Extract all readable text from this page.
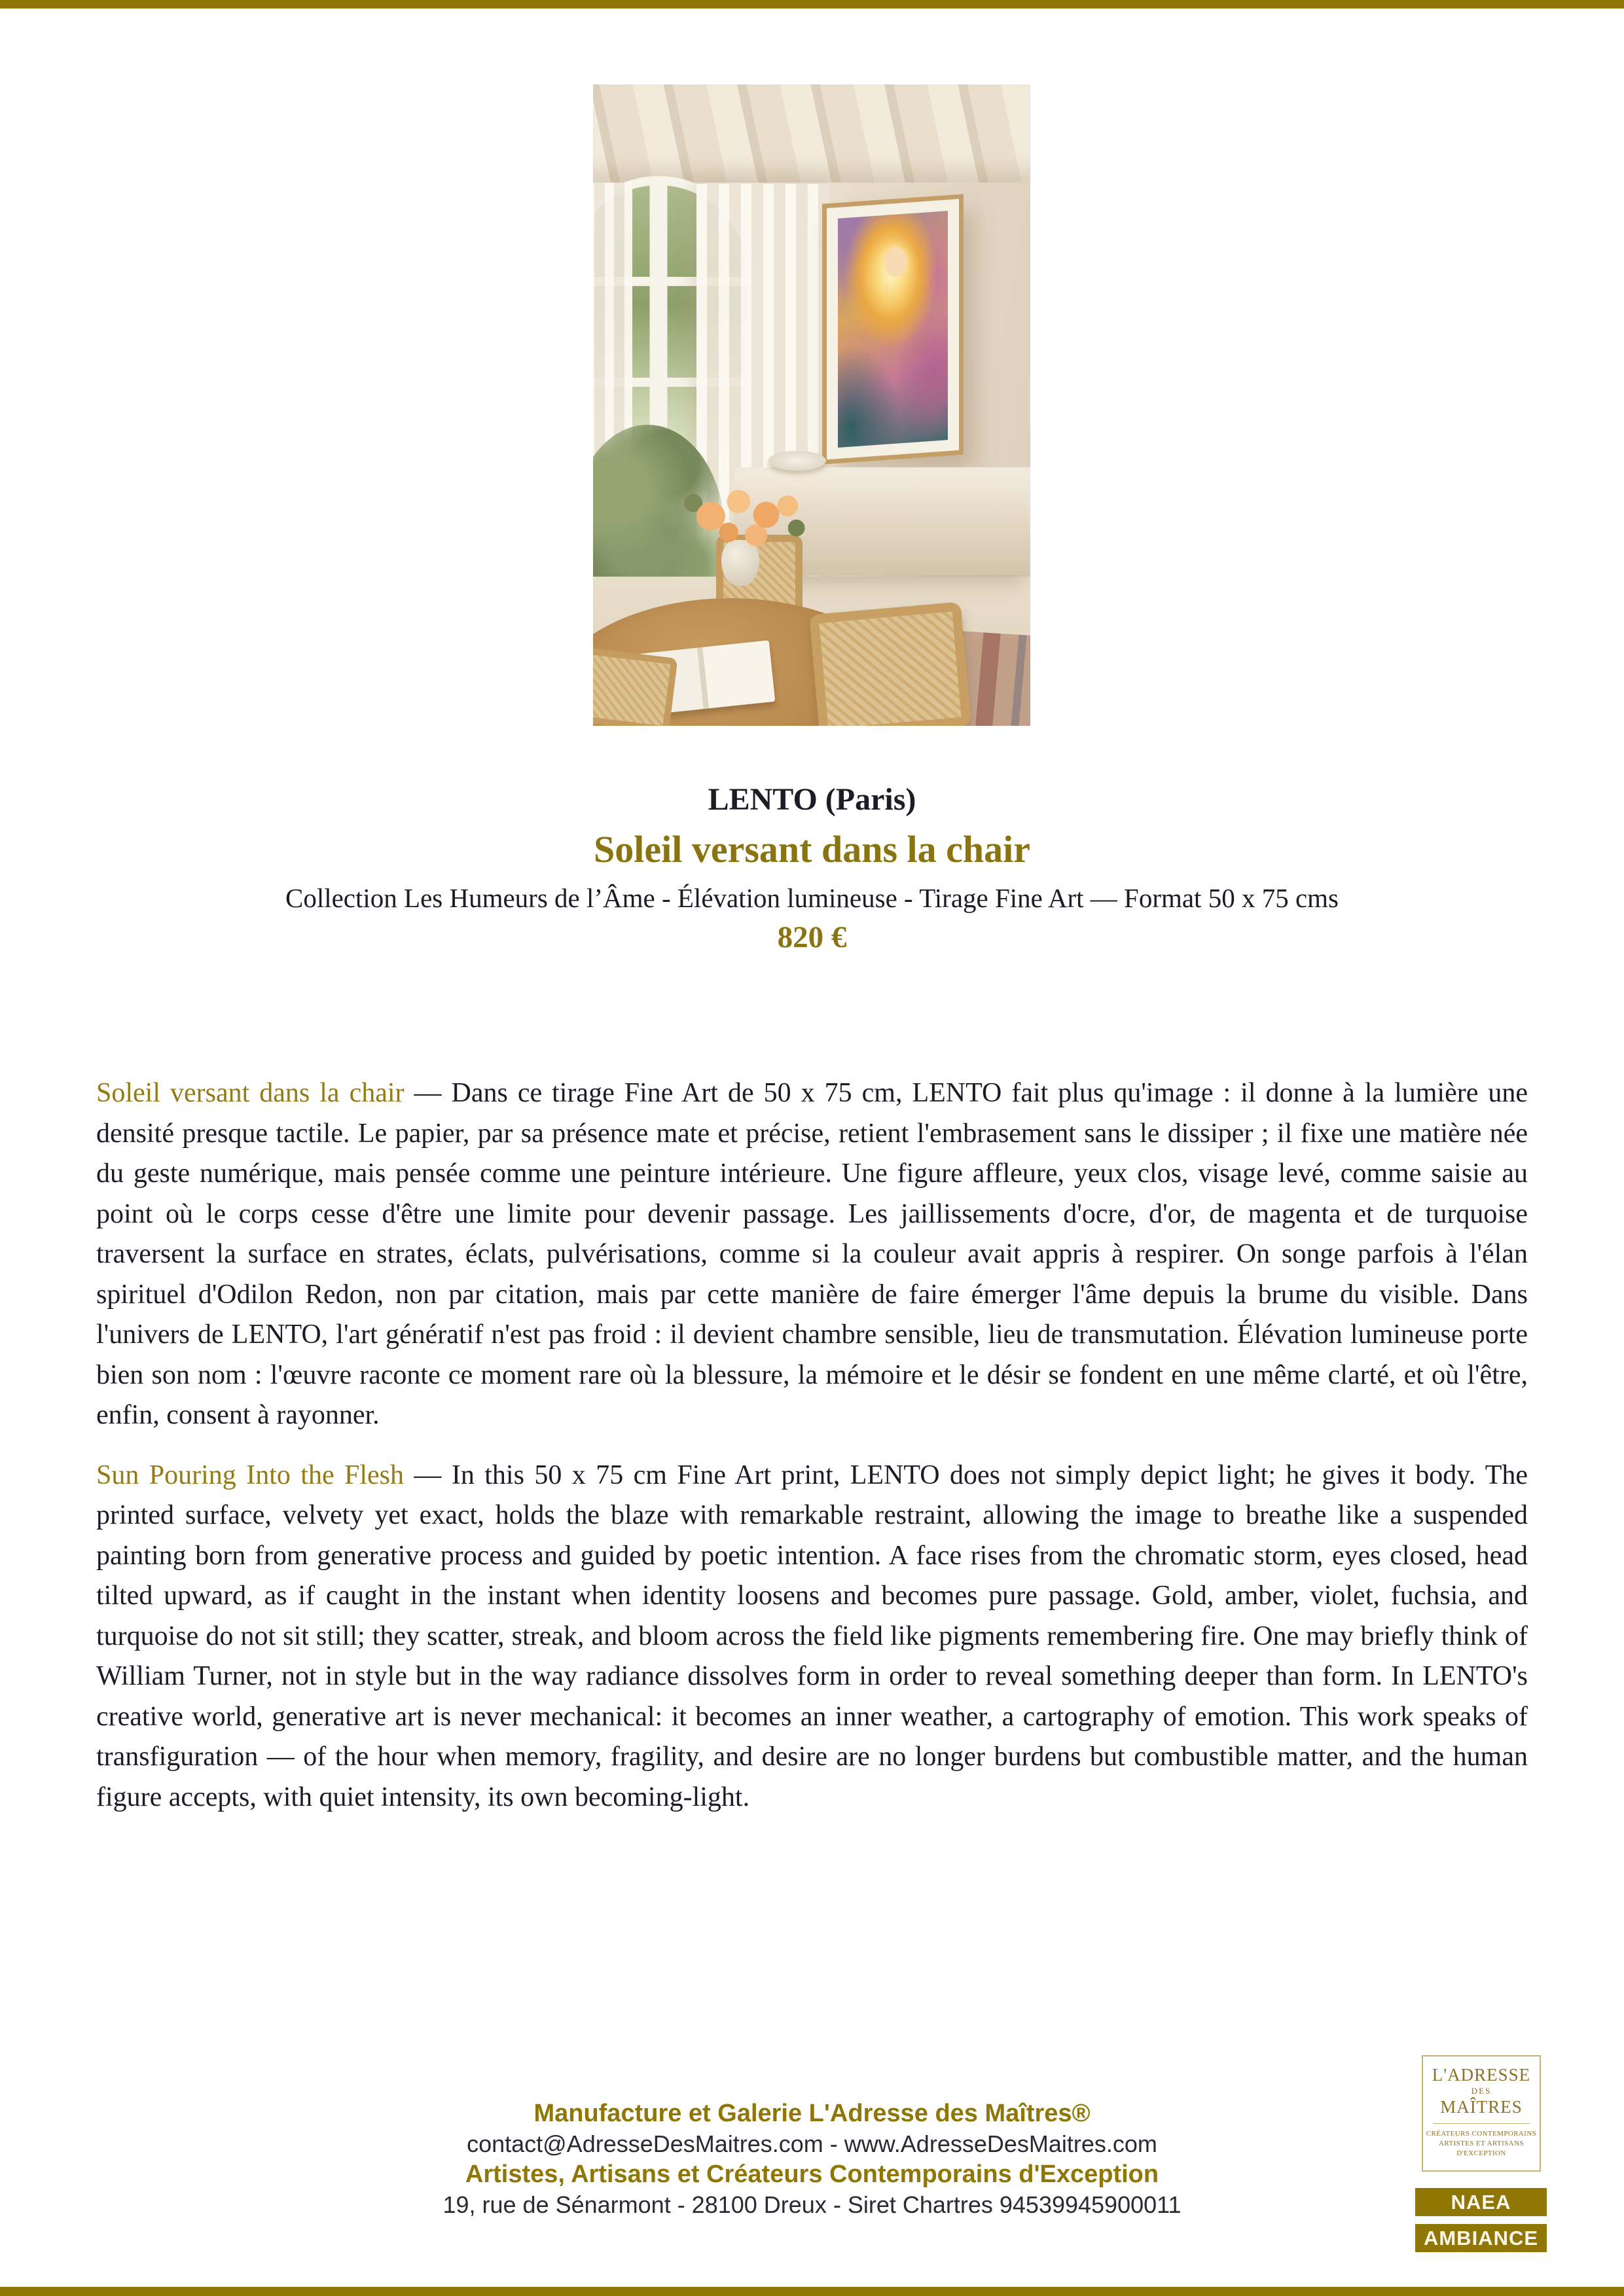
LENTO (Paris)
Soleil versant dans la chair
Collection Les Humeurs de l’Âme - Élévation lumineuse - Tirage Fine Art — Format 50 x 75 cms
820 €

Soleil versant dans la chair — Dans ce tirage Fine Art de 50 x 75 cm, LENTO fait plus qu'image : il donne à la lumière une densité presque tactile. Le papier, par sa présence mate et précise, retient l'embrasement sans le dissiper ; il fixe une matière née du geste numérique, mais pensée comme une peinture intérieure. Une figure affleure, yeux clos, visage levé, comme saisie au point où le corps cesse d'être une limite pour devenir passage. Les jaillissements d'ocre, d'or, de magenta et de turquoise traversent la surface en strates, éclats, pulvérisations, comme si la couleur avait appris à respirer. On songe parfois à l'élan spirituel d'Odilon Redon, non par citation, mais par cette manière de faire émerger l'âme depuis la brume du visible. Dans l'univers de LENTO, l'art génératif n'est pas froid : il devient chambre sensible, lieu de transmutation. Élévation lumineuse porte bien son nom : l'œuvre raconte ce moment rare où la blessure, la mémoire et le désir se fondent en une même clarté, et où l'être, enfin, consent à rayonner.

Sun Pouring Into the Flesh — In this 50 x 75 cm Fine Art print, LENTO does not simply depict light; he gives it body. The printed surface, velvety yet exact, holds the blaze with remarkable restraint, allowing the image to breathe like a suspended painting born from generative process and guided by poetic intention. A face rises from the chromatic storm, eyes closed, head tilted upward, as if caught in the instant when identity loosens and becomes pure passage. Gold, amber, violet, fuchsia, and turquoise do not sit still; they scatter, streak, and bloom across the field like pigments remembering fire. One may briefly think of William Turner, not in style but in the way radiance dissolves form in order to reveal something deeper than form. In LENTO's creative world, generative art is never mechanical: it becomes an inner weather, a cartography of emotion. This work speaks of transfiguration — of the hour when memory, fragility, and desire are no longer burdens but combustible matter, and the human figure accepts, with quiet intensity, its own becoming-light.

Manufacture et Galerie L'Adresse des Maîtres®
contact@AdresseDesMaitres.com - www.AdresseDesMaitres.com
Artistes, Artisans et Créateurs Contemporains d'Exception
19, rue de Sénarmont - 28100 Dreux - Siret Chartres 94539945900011
L'ADRESSE
DES
MAÎTRES
CRÉATEURS CONTEMPORAINS
ARTISTES ET ARTISANS
D'EXCEPTION
NAEA
AMBIANCE
